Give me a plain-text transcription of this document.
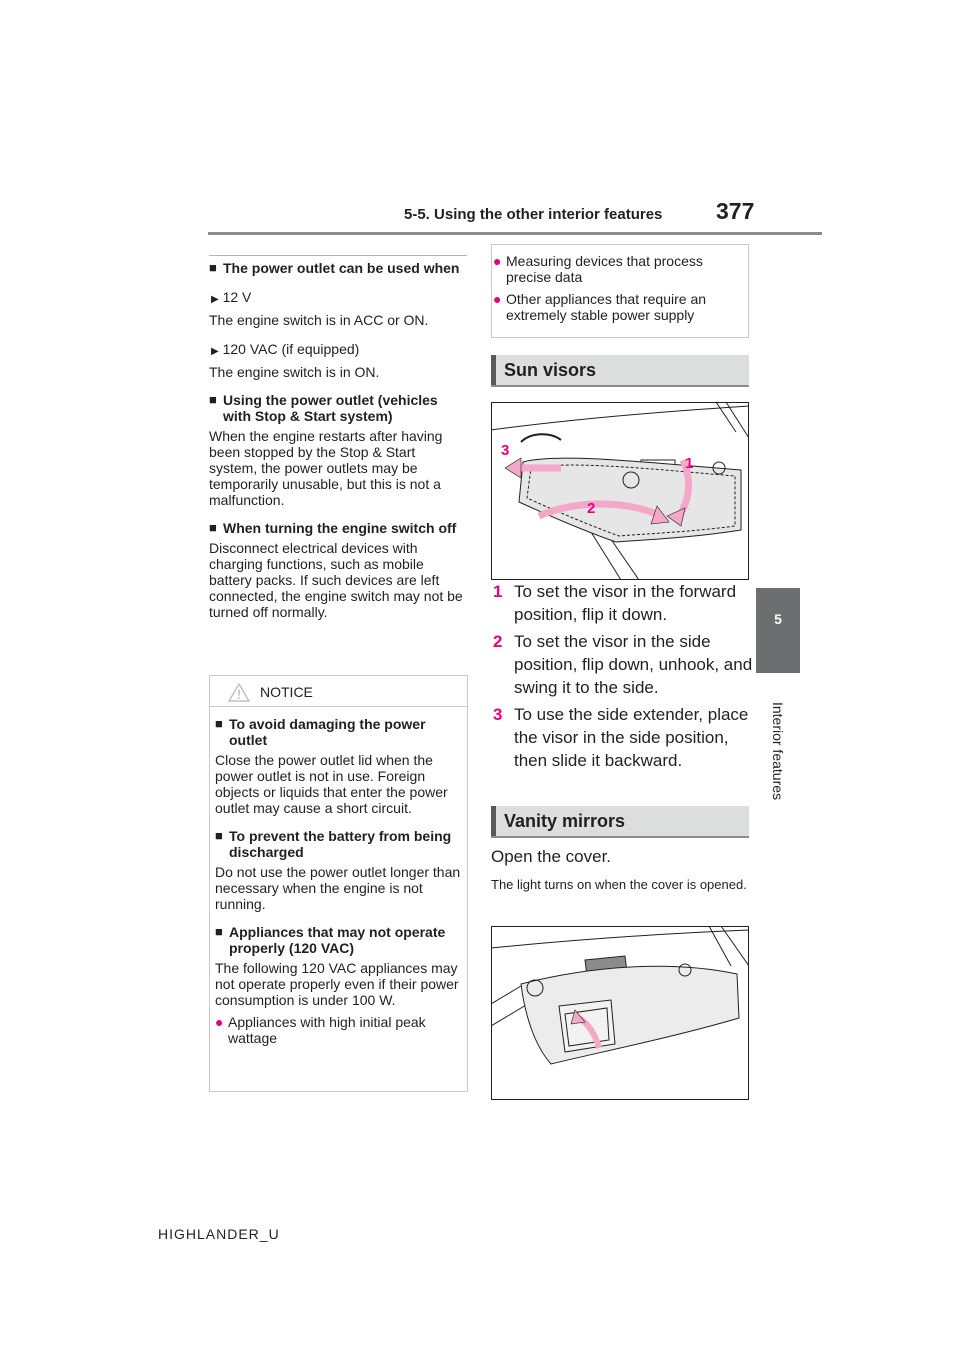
5-5. Using the other interior features 377
5
Interior features
■ The power outlet can be used when
▶ 12 V
The engine switch is in ACC or ON.
▶ 120 VAC (if equipped)
The engine switch is in ON.
■ Using the power outlet (vehicles with Stop & Start system)
When the engine restarts after having been stopped by the Stop & Start system, the power outlets may be temporarily unusable, but this is not a malfunction.
■ When turning the engine switch off
Disconnect electrical devices with charging functions, such as mobile battery packs. If such devices are left connected, the engine switch may not be turned off normally.
NOTICE
■ To avoid damaging the power outlet
Close the power outlet lid when the power outlet is not in use. Foreign objects or liquids that enter the power outlet may cause a short circuit.
■ To prevent the battery from being discharged
Do not use the power outlet longer than necessary when the engine is not running.
■ Appliances that may not operate properly (120 VAC)
The following 120 VAC appliances may not operate properly even if their power consumption is under 100 W.
● Appliances with high initial peak wattage
● Measuring devices that process precise data
● Other appliances that require an extremely stable power supply
Sun visors
1
2
3
1 To set the visor in the forward position, flip it down.
2 To set the visor in the side position, flip down, unhook, and swing it to the side.
3 To use the side extender, place the visor in the side position, then slide it backward.
Vanity mirrors
Open the cover.
The light turns on when the cover is opened.
HIGHLANDER_U
